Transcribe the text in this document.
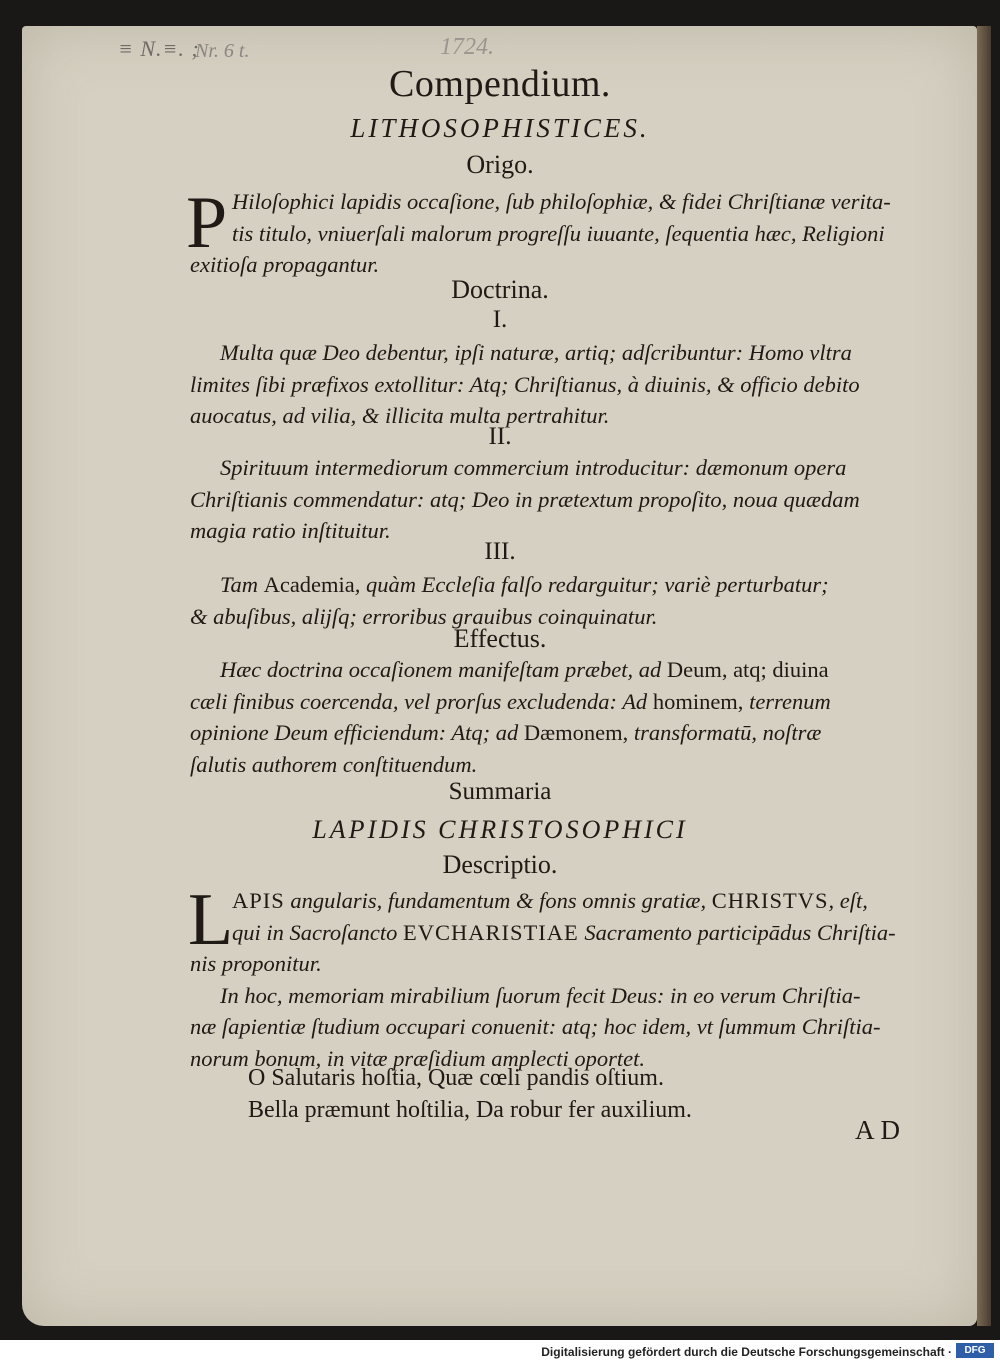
≡ N.≡. ;
Nr. 6 t.	1724.
Compendium.
LITHOSOPHISTICES.
Origo.
P Hiloſophici lapidis occaſione, ſub philoſophiæ, & fidei Chriſtianæ verita-
tis titulo, vniuerſali malorum progreſſu iuuante, ſequentia hæc, Religioni
exitioſa propagantur.
Doctrina.
I.
Multa quæ Deo debentur, ipſi naturæ, artiq; adſcribuntur: Homo vltra
limites ſibi præfixos extollitur: Atq; Chriſtianus, à diuinis, & officio debito
auocatus, ad vilia, & illicita multa pertrahitur.
II.
Spirituum intermediorum commercium introducitur: dæmonum opera
Chriſtianis commendatur: atq; Deo in prætextum propoſito, noua quædam
magia ratio inſtituitur.
III.
Tam Academia, quàm Eccleſia falſo redarguitur; variè perturbatur;
& abuſibus, alijſq; erroribus grauibus coinquinatur.
Effectus.
Hæc doctrina occaſionem manifeſtam præbet, ad Deum, atq; diuina
cæli finibus coercenda, vel prorſus excludenda: Ad hominem, terrenum
opinione Deum efficiendum: Atq; ad Dæmonem, transformatū, noſtræ
ſalutis authorem conſtituendum.
Summaria
LAPIDIS CHRISTOSOPHICI
Descriptio.
L
APIS angularis, fundamentum & fons omnis gratiæ, CHRISTVS, eſt,
qui in Sacroſancto EVCHARISTIAE Sacramento participādus Chriſtia-
nis proponitur.
In hoc, memoriam mirabilium ſuorum fecit Deus: in eo verum Chriſtia-
næ ſapientiæ ſtudium occupari conuenit: atq; hoc idem, vt ſummum Chriſtia-
norum bonum, in vitæ præſidium amplecti oportet.
O Salutaris hoſtia, Quæ cœli pandis oſtium.
Bella præmunt hoſtilia, Da robur fer auxilium.
AD
Digitalisierung gefördert durch die Deutsche Forschungsgemeinschaft ·	DFG
